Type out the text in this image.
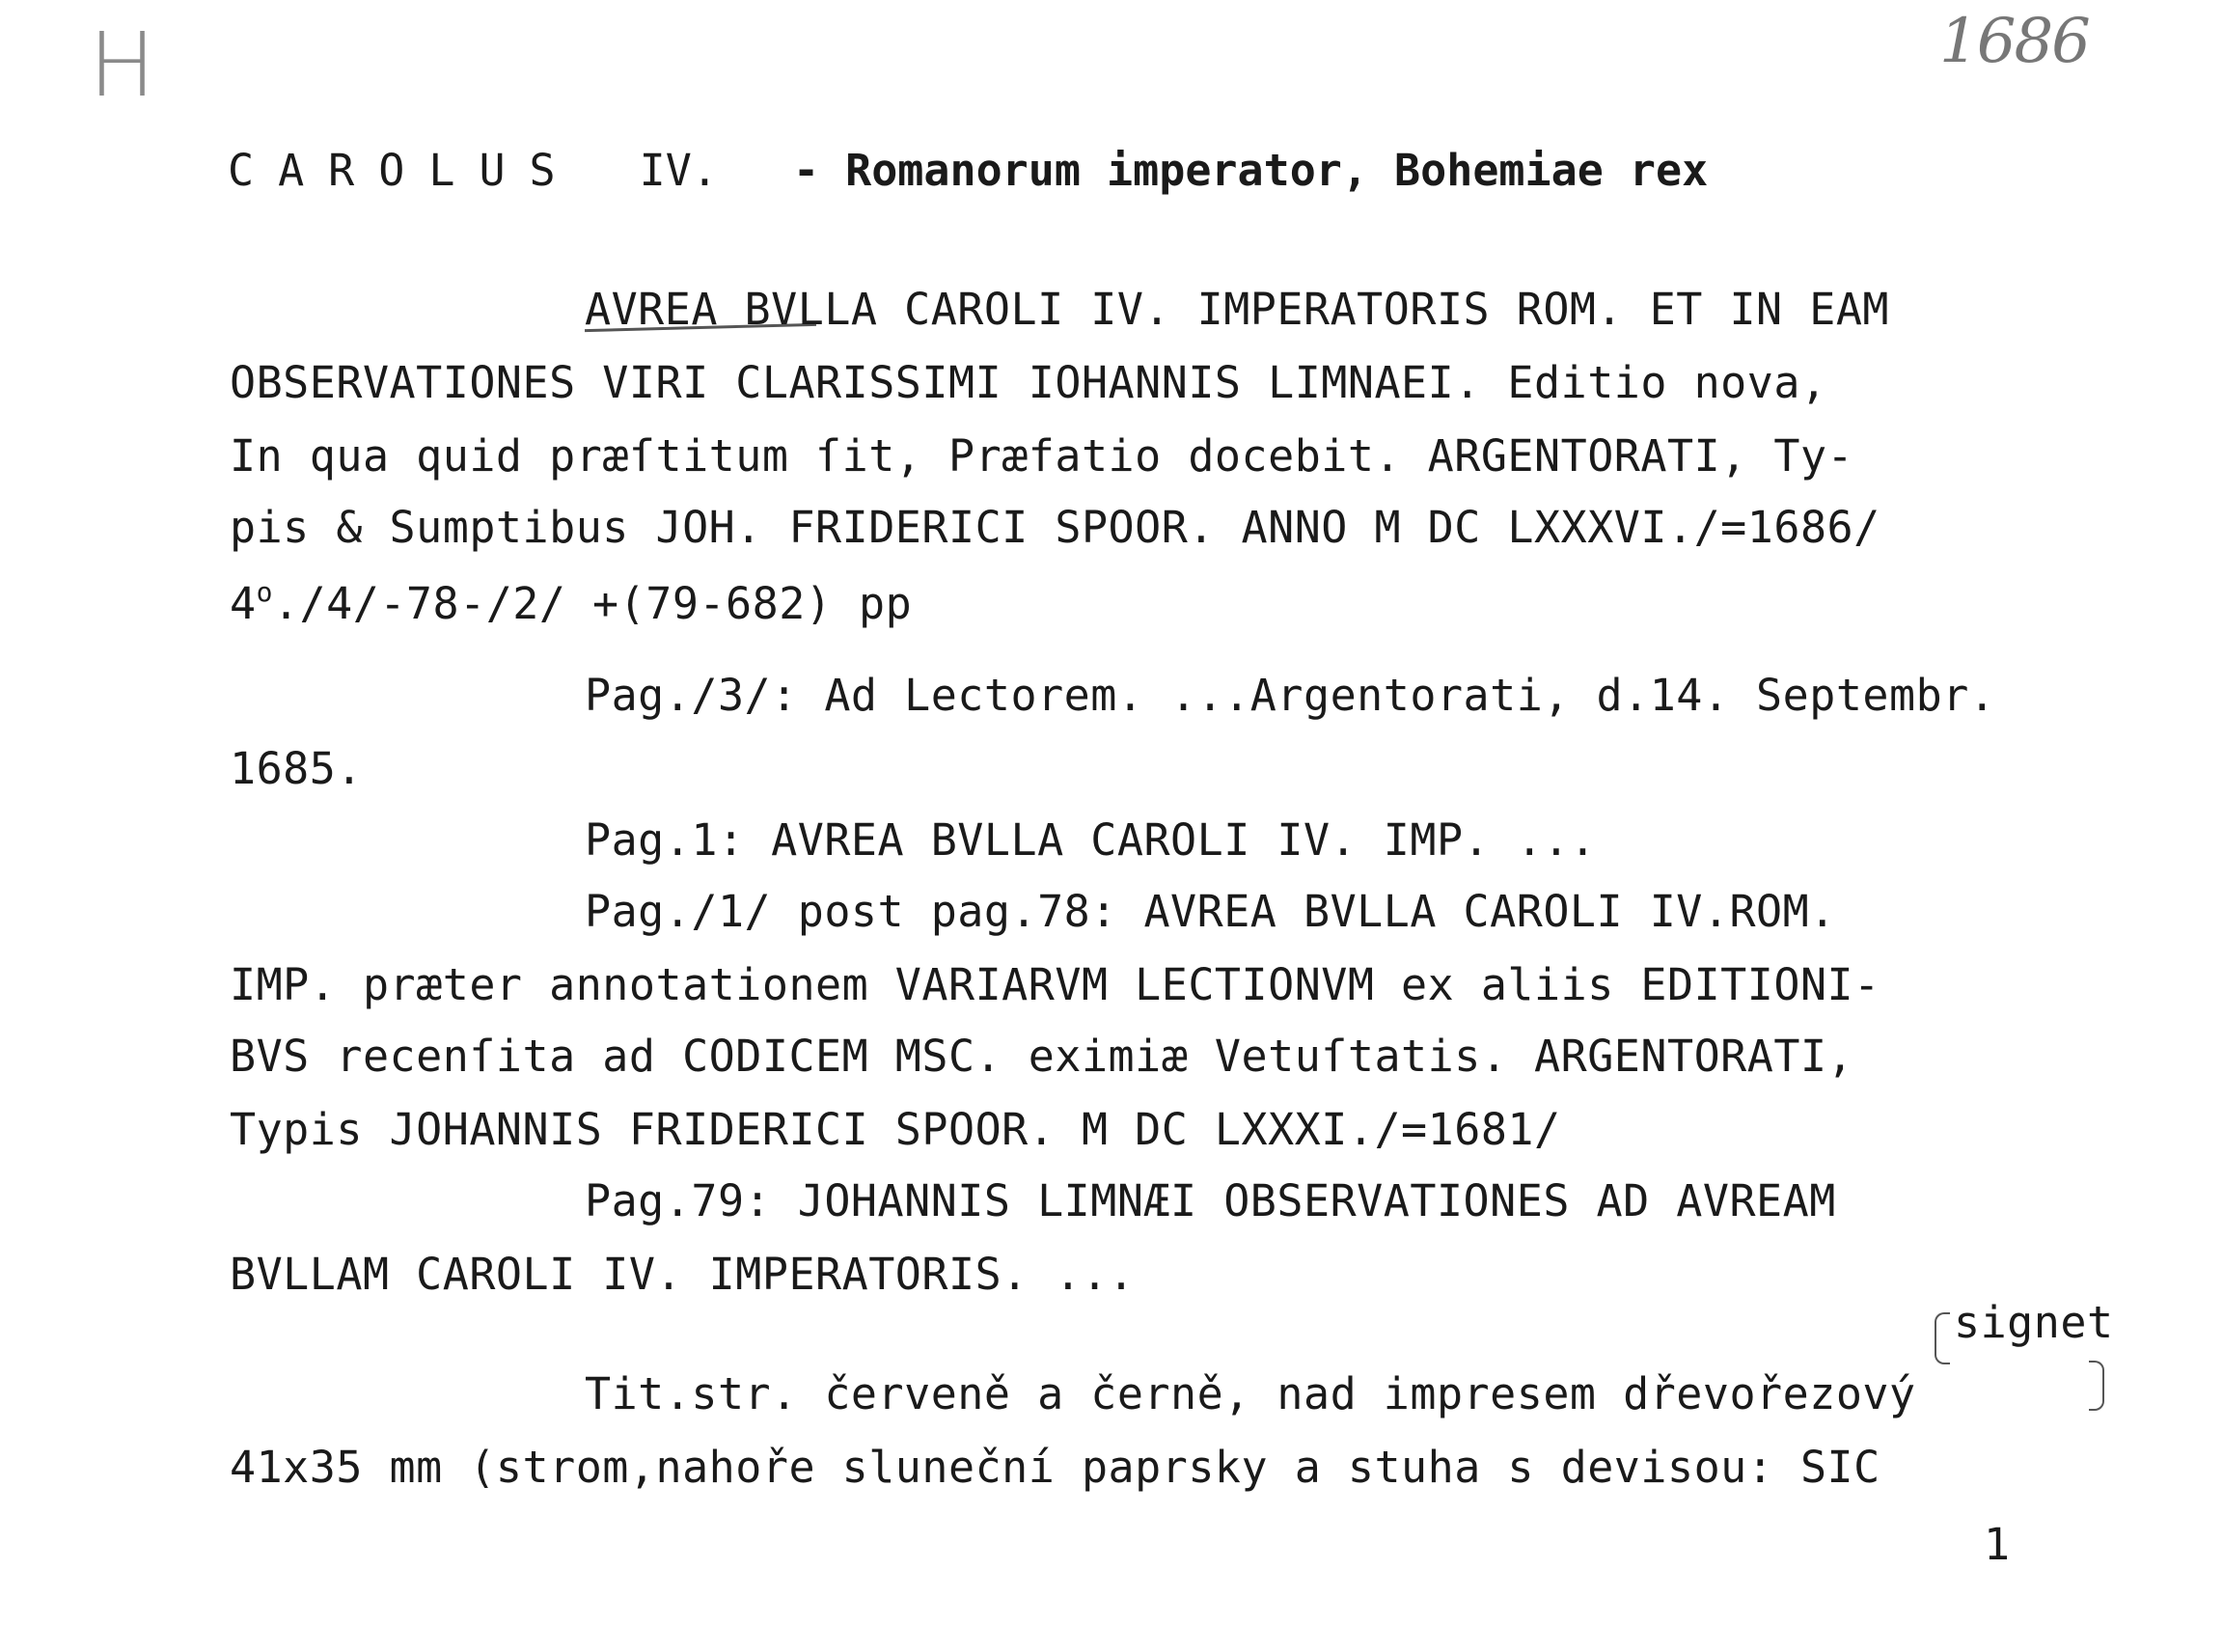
H	1686
CAROLUS IV. - Romanorum imperator, Bohemiae rex
AVREA BVLLA CAROLI IV. IMPERATORIS ROM. ET IN EAM
OBSERVATIONES VIRI CLARISSIMI IOHANNIS LIMNAEI. Editio nova,
In qua quid præſtitum ſit, Præfatio docebit. ARGENTORATI, Ty-
pis & Sumptibus JOH. FRIDERICI SPOOR. ANNO M DC LXXXVI./=1686/
$4^o./4/-78-/2/ +(79-682)$ pp
Pag./3/: Ad Lectorem. ...Argentorati, d.14. Septembr.
1685.
Pag.1: AVREA BVLLA CAROLI IV. IMP. ...
Pag./1/ post pag.78: AVREA BVLLA CAROLI IV.ROM.
IMP. præter annotationem VARIARVM LECTIONVM ex aliis EDITIONI-
BVS recenſita ad CODICEM MSC. eximiæ Vetuſtatis. ARGENTORATI,
Typis JOHANNIS FRIDERICI SPOOR. M DC LXXXI./=1681/
Pag.79: JOHANNIS LIMNÆI OBSERVATIONES AD AVREAM
BVLLAM CAROLI IV. IMPERATORIS. ...
signet
Tit.str. červeně a černě, nad impresem dřevořezový
41x35 mm (strom,nahoře sluneční paprsky a stuha s devisou: SIC
1
